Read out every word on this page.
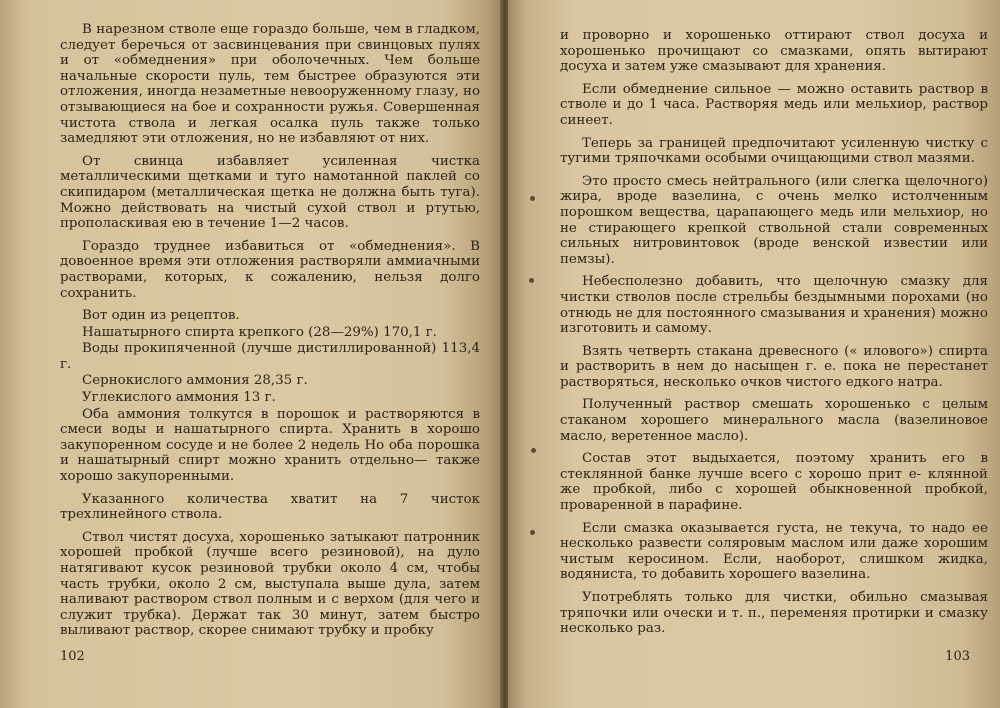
В нарезном стволе еще гораздо больше, чем в гладком, следует беречься от засвинцевания при свинцовых пулях и от «обмеднения» при оболочечных. Чем больше начальные скорости пуль, тем быстрее образуются эти отложения, иногда незаметные невооруженному глазу, но отзывающиеся на бое и сохранности ружья. Совершенная чистота ствола и легкая осалка пуль также только замедляют эти отложения, но не избавляют от них.

От свинца избавляет усиленная чистка металлическими щетками и туго намотанной паклей со скипидаром (металлическая щетка не должна быть туга). Можно действовать на чистый сухой ствол и ртутью, прополаскивая ею в течение 1—2 часов.

Гораздо труднее избавиться от «обмеднения». В довоенное время эти отложения растворяли аммиачными растворами, которых, к сожалению, нельзя долго сохранить.

Вот один из рецептов.

Нашатырного спирта крепкого (28—29%) 170,1 г.

Воды прокипяченной (лучше дистиллированной) 113,4 г.

Сернокислого аммония 28,35 г.

Углекислого аммония 13 г.

Оба аммония толкутся в порошок и растворяются в смеси воды и нашатырного спирта. Хранить в хорошо закупоренном сосуде и не более 2 недель Но оба порошка и нашатырный спирт можно хранить отдельно— также хорошо закупоренными.

Указанного количества хватит на 7 чисток трехлинейного ствола.

Ствол чистят досуха, хорошенько затыкают патронник хорошей пробкой (лучше всего резиновой), на дуло натягивают кусок резиновой трубки около 4 см, чтобы часть трубки, около 2 см, выступала выше дула, затем наливают раствором ствол полным и с верхом (для чего и служит трубка). Держат так 30 минут, затем быстро выливают раствор, скорее снимают трубку и пробку

102

и проворно и хорошенько оттирают ствол досуха и хорошенько прочищают со смазками, опять вытирают досуха и затем уже смазывают для хранения.

Если обмеднение сильное — можно оставить раствор в стволе и до 1 часа. Растворяя медь или мельхиор, раствор синеет.

Теперь за границей предпочитают усиленную чистку с тугими тряпочками особыми очищающими ствол мазями.

Это просто смесь нейтрального (или слегка щелочного) жира, вроде вазелина, с очень мелко истолченным порошком вещества, царапающего медь или мельхиор, но не стирающего крепкой ствольной стали современных сильных нитровинтовок (вроде венской известии или пемзы).

Небесполезно добавить, что щелочную смазку для чистки стволов после стрельбы бездымными порохами (но отнюдь не для постоянного смазывания и хранения) можно изготовить и самому.

Взять четверть стакана древесного (« илового») спирта и растворить в нем до насыщен г. е. пока не перестанет растворяться, несколько очков чистого едкого натра.

Полученный раствор смешать хорошенько с целым стаканом хорошего минерального масла (вазелиновое масло, веретенное масло).

Состав этот выдыхается, поэтому хранить его в стеклянной банке лучше всего с хорошо прит е- клянной же пробкой, либо с хорошей обыкновенной пробкой, проваренной в парафине.

Если смазка оказывается густа, не текуча, то надо ее несколько развести соляровым маслом или даже хорошим чистым керосином. Если, наоборот, слишком жидка, водяниста, то добавить хорошего вазелина.

Употреблять только для чистки, обильно смазывая тряпочки или очески и т. п., переменяя протирки и смазку несколько раз.

103
